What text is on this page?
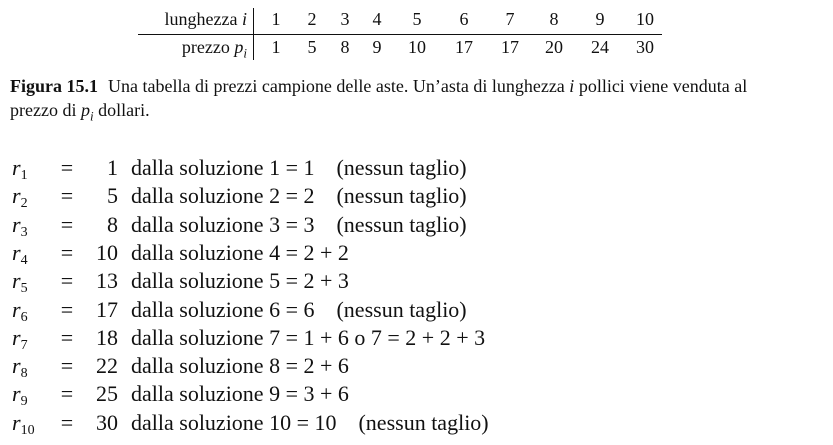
lunghezza i	1	2	3	4	5	6	7	8	9	10
prezzo $p_i$	1	5	8	9	10	17	17	20	24	30
Figura 15.1 Una tabella di prezzi campione delle aste. Un’asta di lunghezza i pollici viene venduta al prezzo di $p_i$ dollari.
$r_1$	=	1 dalla soluzione 1 = 1 (nessun taglio)
$r_2$	=	5 dalla soluzione 2 = 2 (nessun taglio)
$r_3$	=	8 dalla soluzione 3 = 3 (nessun taglio)
$r_4$	=	10 dalla soluzione 4 = 2 + 2
$r_5$	=	13 dalla soluzione 5 = 2 + 3
$r_6$	=	17 dalla soluzione 6 = 6 (nessun taglio)
$r_7$	=	18 dalla soluzione 7 = 1 + 6 o 7 = 2 + 2 + 3
$r_8$	=	22 dalla soluzione 8 = 2 + 6
$r_9$	=	25 dalla soluzione 9 = 3 + 6
$r_{10}$	=	30 dalla soluzione 10 = 10 (nessun taglio)
